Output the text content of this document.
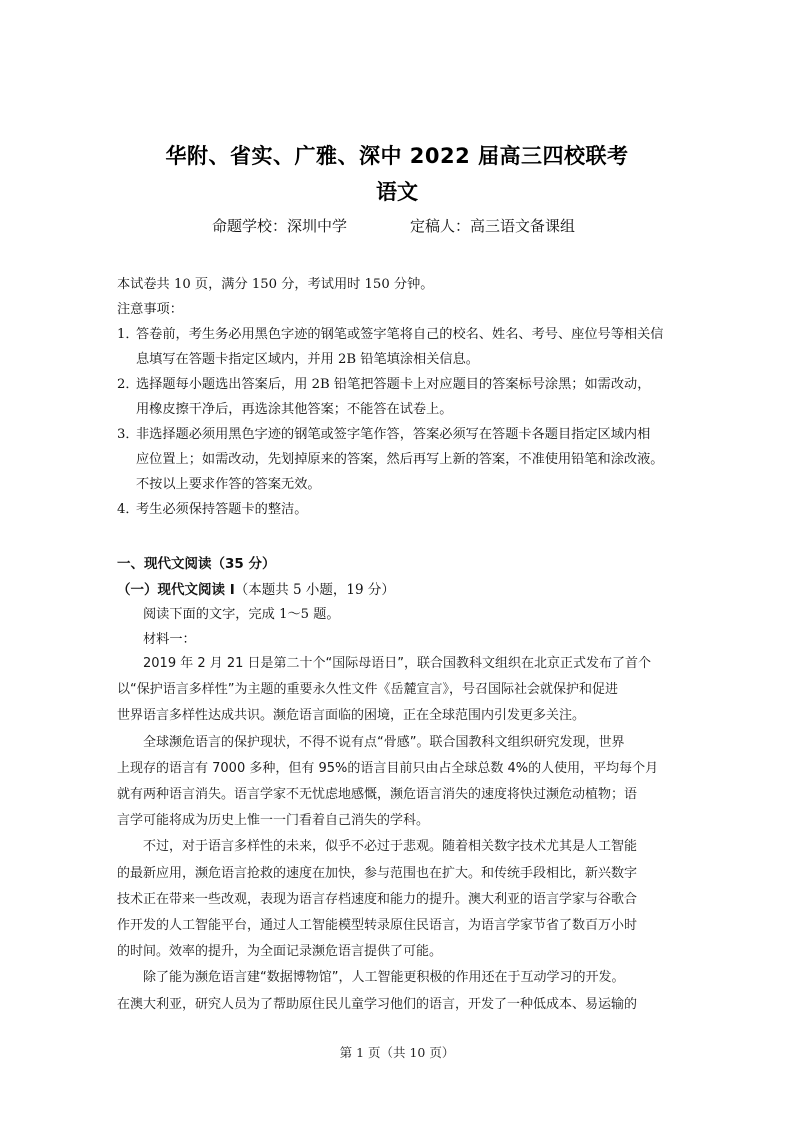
华附、省实、广雅、深中 2022 届高三四校联考
语文
命题学校：深圳中学	定稿人：高三语文备课组
本试卷共 10 页，满分 150 分，考试用时 150 分钟。
注意事项：
1．答卷前，考生务必用黑色字迹的钢笔或签字笔将自己的校名、姓名、考号、座位号等相关信
息填写在答题卡指定区域内，并用 2B 铅笔填涂相关信息。
2．选择题每小题选出答案后，用 2B 铅笔把答题卡上对应题目的答案标号涂黑；如需改动，
用橡皮擦干净后，再选涂其他答案；不能答在试卷上。
3．非选择题必须用黑色字迹的钢笔或签字笔作答，答案必须写在答题卡各题目指定区域内相
应位置上；如需改动，先划掉原来的答案，然后再写上新的答案，不准使用铅笔和涂改液。
不按以上要求作答的答案无效。
4．考生必须保持答题卡的整洁。
一、现代文阅读（35 分）
（一）现代文阅读 I（本题共 5 小题，19 分）
阅读下面的文字，完成 1～5 题。
材料一：
2019 年 2 月 21 日是第二十个“国际母语日”，联合国教科文组织在北京正式发布了首个
以“保护语言多样性”为主题的重要永久性文件《岳麓宣言》，号召国际社会就保护和促进
世界语言多样性达成共识。濒危语言面临的困境，正在全球范围内引发更多关注。
全球濒危语言的保护现状，不得不说有点“骨感”。联合国教科文组织研究发现，世界
上现存的语言有 7000 多种，但有 95%的语言目前只由占全球总数 4%的人使用，平均每个月
就有两种语言消失。语言学家不无忧虑地感慨，濒危语言消失的速度将快过濒危动植物；语
言学可能将成为历史上惟一一门看着自己消失的学科。
不过，对于语言多样性的未来，似乎不必过于悲观。随着相关数字技术尤其是人工智能
的最新应用，濒危语言抢救的速度在加快，参与范围也在扩大。和传统手段相比，新兴数字
技术正在带来一些改观，表现为语言存档速度和能力的提升。澳大利亚的语言学家与谷歌合
作开发的人工智能平台，通过人工智能模型转录原住民语言，为语言学家节省了数百万小时
的时间。效率的提升，为全面记录濒危语言提供了可能。
除了能为濒危语言建“数据博物馆”，人工智能更积极的作用还在于互动学习的开发。
在澳大利亚，研究人员为了帮助原住民儿童学习他们的语言，开发了一种低成本、易运输的
第 1 页（共 10 页）
